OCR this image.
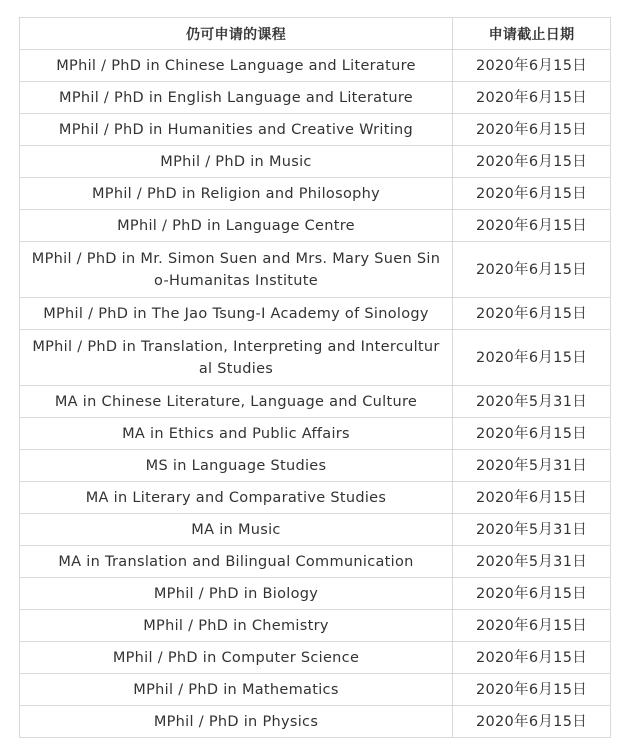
仍可申请的课程	申请截止日期
MPhil / PhD in Chinese Language and Literature	2020年6月15日
MPhil / PhD in English Language and Literature	2020年6月15日
MPhil / PhD in Humanities and Creative Writing	2020年6月15日
MPhil / PhD in Music	2020年6月15日
MPhil / PhD in Religion and Philosophy	2020年6月15日
MPhil / PhD in Language Centre	2020年6月15日
MPhil / PhD in Mr. Simon Suen and Mrs. Mary Suen Sino-Humanitas Institute	2020年6月15日
MPhil / PhD in The Jao Tsung-I Academy of Sinology	2020年6月15日
MPhil / PhD in Translation, Interpreting and Intercultural Studies	2020年6月15日
MA in Chinese Literature, Language and Culture	2020年5月31日
MA in Ethics and Public Affairs	2020年6月15日
MS in Language Studies	2020年5月31日
MA in Literary and Comparative Studies	2020年6月15日
MA in Music	2020年5月31日
MA in Translation and Bilingual Communication	2020年5月31日
MPhil / PhD in Biology	2020年6月15日
MPhil / PhD in Chemistry	2020年6月15日
MPhil / PhD in Computer Science	2020年6月15日
MPhil / PhD in Mathematics	2020年6月15日
MPhil / PhD in Physics	2020年6月15日
